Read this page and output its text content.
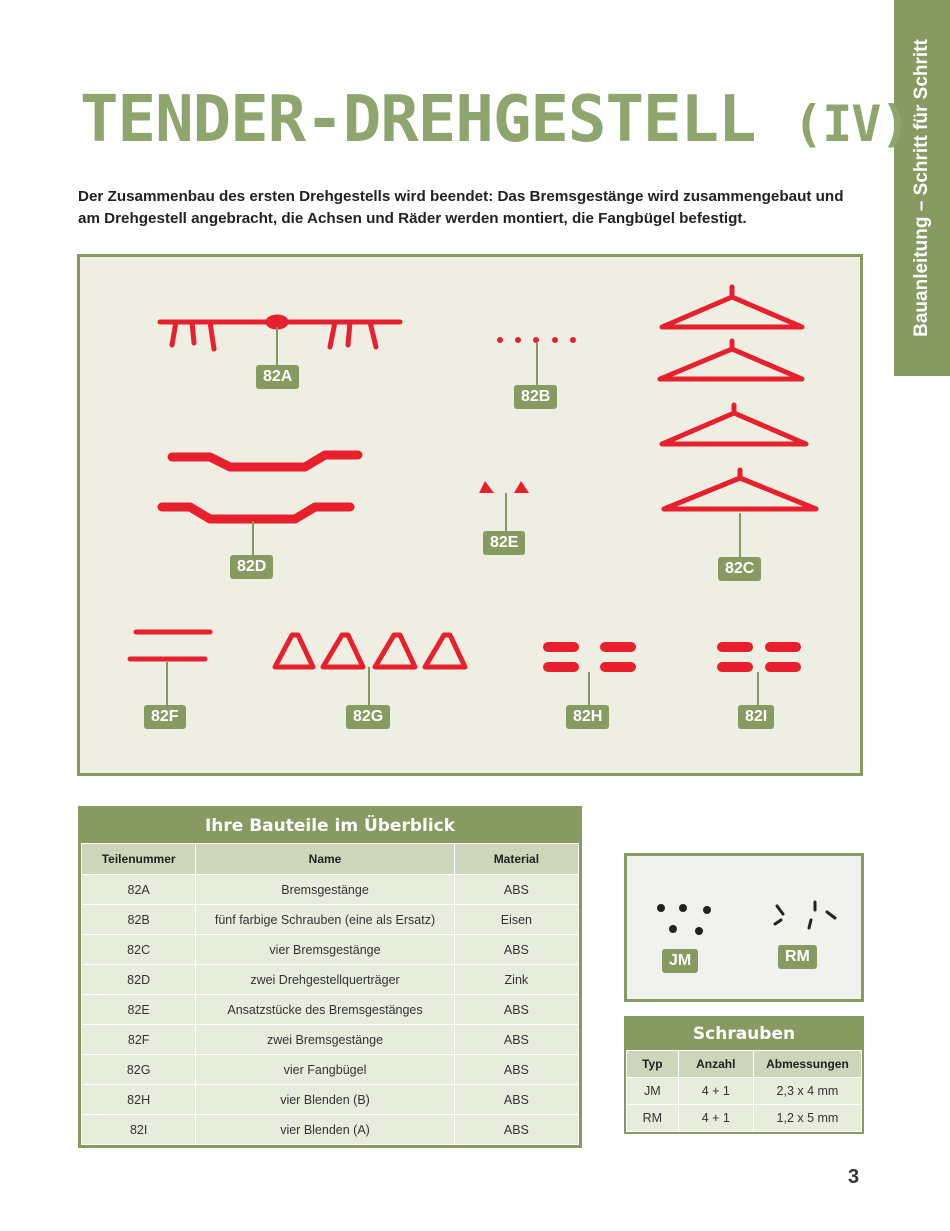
Bauanleitung – Schritt für Schritt
TENDER-DREHGESTELL (IV)
Der Zusammenbau des ersten Drehgestells wird beendet: Das Bremsgestänge wird zusammengebaut und am Drehgestell angebracht, die Achsen und Räder werden montiert, die Fangbügel befestigt.
82A
82B
82C
82D
82E
82F	82G	82H	82I
Ihre Bauteile im Überblick
Teilenummer	Name	Material
82A	Bremsgestänge	ABS
82B	fünf farbige Schrauben (eine als Ersatz)	Eisen
82C	vier Bremsgestänge	ABS
82D	zwei Drehgestellquerträger	Zink
82E	Ansatzstücke des Bremsgestänges	ABS
82F	zwei Bremsgestänge	ABS
82G	vier Fangbügel	ABS
82H	vier Blenden (B)	ABS
82I	vier Blenden (A)	ABS
JM	RM
Schrauben
Typ	Anzahl	Abmessungen
JM	4 + 1	2,3 x 4 mm
RM	4 + 1	1,2 x 5 mm
3
